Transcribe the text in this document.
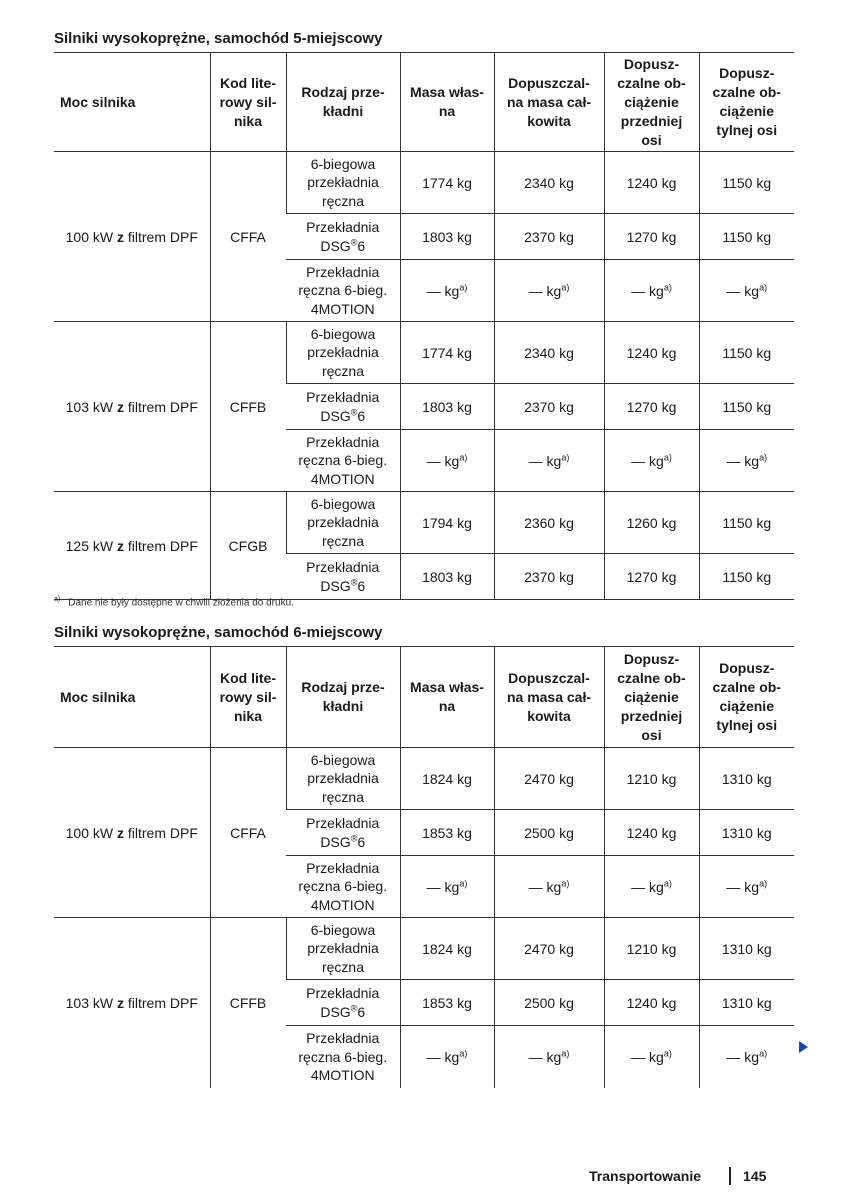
Silniki wysokoprężne, samochód 5-miejscowy
Moc silnika	Kod lite-
rowy sil-
nika	Rodzaj prze-
kładni	Masa włas-
na	Dopuszczal-
na masa cał-
kowita	Dopusz-
czalne ob-
ciążenie
przedniej
osi	Dopusz-
czalne ob-
ciążenie
tylnej osi
100 kW z filtrem DPF	CFFA	6-biegowa
przekładnia
ręczna	1774 kg	2340 kg	1240 kg	1150 kg
		Przekładnia
DSG®6	1803 kg	2370 kg	1270 kg	1150 kg
		Przekładnia
ręczna 6-bieg.
4MOTION	— $kg^{a)}$	— $kg^{a)}$	— $kg^{a)}$	— $kg^{a)}$
103 kW z filtrem DPF	CFFB	6-biegowa
przekładnia
ręczna	1774 kg	2340 kg	1240 kg	1150 kg
		Przekładnia
DSG®6	1803 kg	2370 kg	1270 kg	1150 kg
		Przekładnia
ręczna 6-bieg.
4MOTION	— $kg^{a)}$	— $kg^{a)}$	— $kg^{a)}$	— $kg^{a)}$
125 kW z filtrem DPF	CFGB	6-biegowa
przekładnia
ręczna	1794 kg	2360 kg	1260 kg	1150 kg
		Przekładnia
DSG®6	1803 kg	2370 kg	1270 kg	1150 kg
$^{a)}$ Dane nie były dostępne w chwili złożenia do druku.
Silniki wysokoprężne, samochód 6-miejscowy
Moc silnika	Kod lite-
rowy sil-
nika	Rodzaj prze-
kładni	Masa włas-
na	Dopuszczal-
na masa cał-
kowita	Dopusz-
czalne ob-
ciążenie
przedniej
osi	Dopusz-
czalne ob-
ciążenie
tylnej osi
100 kW z filtrem DPF	CFFA	6-biegowa
przekładnia
ręczna	1824 kg	2470 kg	1210 kg	1310 kg
		Przekładnia
DSG®6	1853 kg	2500 kg	1240 kg	1310 kg
		Przekładnia
ręczna 6-bieg.
4MOTION	— $kg^{a)}$	— $kg^{a)}$	— $kg^{a)}$	— $kg^{a)}$
103 kW z filtrem DPF	CFFB	6-biegowa
przekładnia
ręczna	1824 kg	2470 kg	1210 kg	1310 kg
		Przekładnia
DSG®6	1853 kg	2500 kg	1240 kg	1310 kg
		Przekładnia
ręczna 6-bieg.
4MOTION	— $kg^{a)}$	— $kg^{a)}$	— $kg^{a)}$	— $kg^{a)}$
Transportowanie	145
